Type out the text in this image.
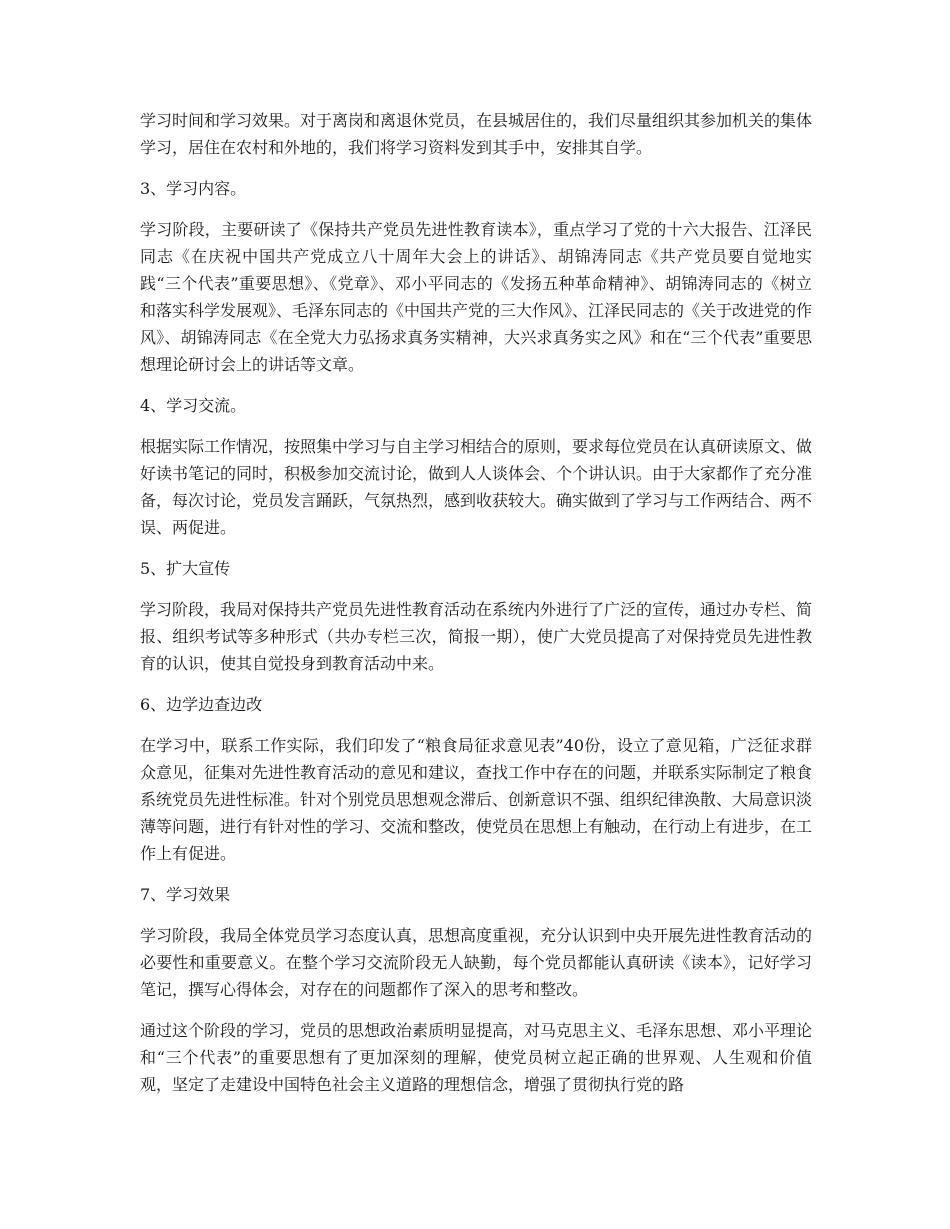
学习时间和学习效果。对于离岗和离退休党员，在县城居住的，我们尽量组织其参加机关的集体学习，居住在农村和外地的，我们将学习资料发到其手中，安排其自学。

3、学习内容。

学习阶段，主要研读了《保持共产党员先进性教育读本》，重点学习了党的十六大报告、江泽民同志《在庆祝中国共产党成立八十周年大会上的讲话》、胡锦涛同志《共产党员要自觉地实践“三个代表”重要思想》、《党章》、邓小平同志的《发扬五种革命精神》、胡锦涛同志的《树立和落实科学发展观》、毛泽东同志的《中国共产党的三大作风》、江泽民同志的《关于改进党的作风》、胡锦涛同志《在全党大力弘扬求真务实精神，大兴求真务实之风》和在“三个代表”重要思想理论研讨会上的讲话等文章。

4、学习交流。

根据实际工作情况，按照集中学习与自主学习相结合的原则，要求每位党员在认真研读原文、做好读书笔记的同时，积极参加交流讨论，做到人人谈体会、个个讲认识。由于大家都作了充分准备，每次讨论，党员发言踊跃，气氛热烈，感到收获较大。确实做到了学习与工作两结合、两不误、两促进。

5、扩大宣传

学习阶段，我局对保持共产党员先进性教育活动在系统内外进行了广泛的宣传，通过办专栏、简报、组织考试等多种形式（共办专栏三次，简报一期），使广大党员提高了对保持党员先进性教育的认识，使其自觉投身到教育活动中来。

6、边学边查边改

在学习中，联系工作实际，我们印发了“粮食局征求意见表”40份，设立了意见箱，广泛征求群众意见，征集对先进性教育活动的意见和建议，查找工作中存在的问题，并联系实际制定了粮食系统党员先进性标准。针对个别党员思想观念滞后、创新意识不强、组织纪律涣散、大局意识淡薄等问题，进行有针对性的学习、交流和整改，使党员在思想上有触动，在行动上有进步，在工作上有促进。

7、学习效果

学习阶段，我局全体党员学习态度认真，思想高度重视，充分认识到中央开展先进性教育活动的必要性和重要意义。在整个学习交流阶段无人缺勤，每个党员都能认真研读《读本》，记好学习笔记，撰写心得体会，对存在的问题都作了深入的思考和整改。

通过这个阶段的学习，党员的思想政治素质明显提高，对马克思主义、毛泽东思想、邓小平理论和“三个代表”的重要思想有了更加深刻的理解，使党员树立起正确的世界观、人生观和价值观，坚定了走建设中国特色社会主义道路的理想信念，增强了贯彻执行党的路
